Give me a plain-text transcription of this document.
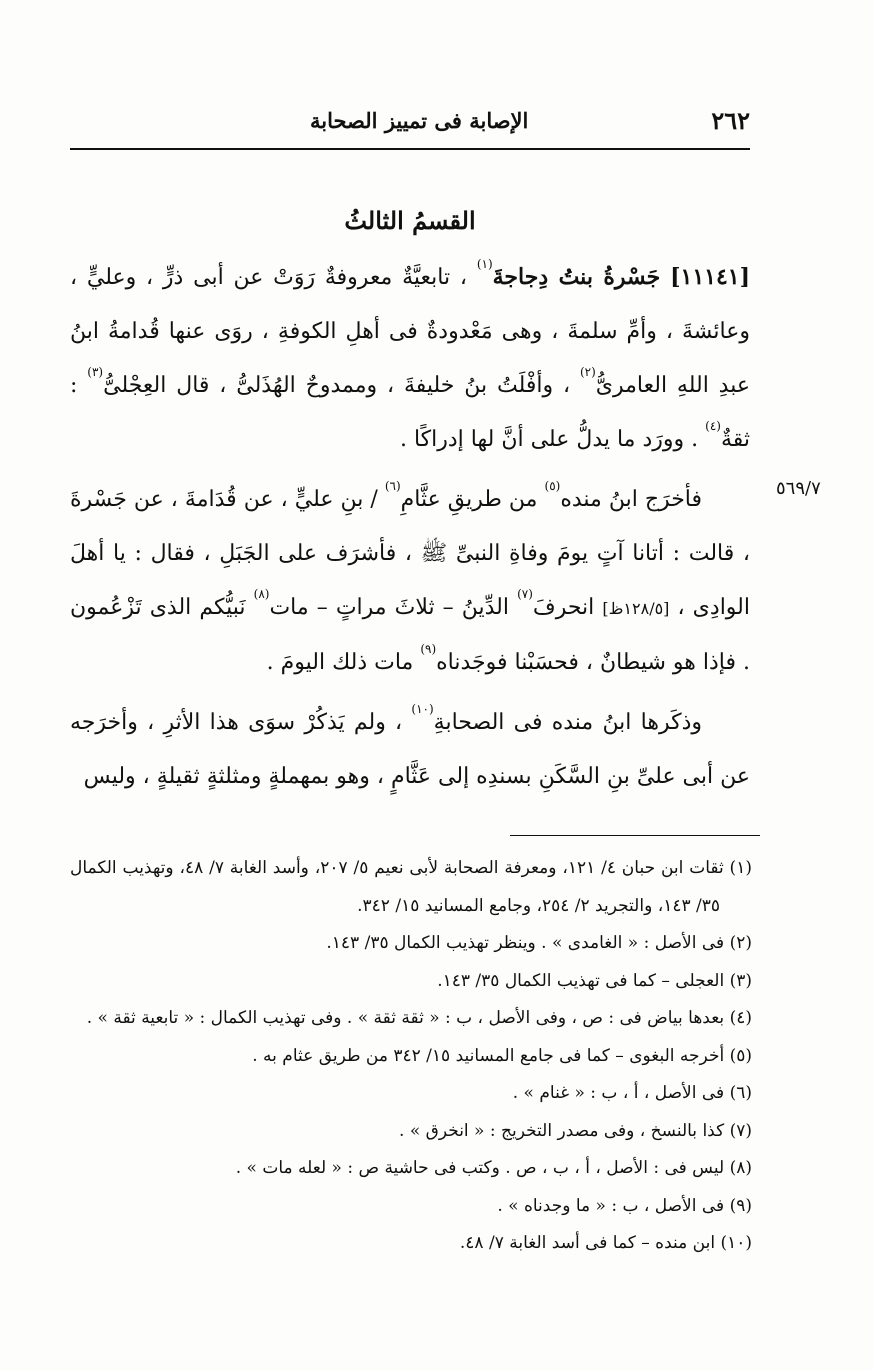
٢٦٢
الإصابة فى تمييز الصحابة
القسمُ الثالثُ
٥٦٩/٧

[١١١٤١] جَسْرةُ بنتُ دِجاجةَ$^{(١)}$ ، تابعيَّةٌ معروفةٌ رَوَتْ عن أبى ذرٍّ ، وعليٍّ ، وعائشةَ ، وأمِّ سلمةَ ، وهى مَعْدودةٌ فى أهلِ الكوفةِ ، روَى عنها قُدامةُ ابنُ عبدِ اللهِ العامرىُّ$^{(٢)}$ ، وأفْلَتُ بنُ خليفةَ ، وممدوحٌ الهُذَلىُّ ، قال العِجْلىُّ$^{(٣)}$ : ثقةٌ$^{(٤)}$ . وورَد ما يدلُّ على أنَّ لها إدراكًا .

فأخرَج ابنُ منده$^{(٥)}$ من طريقِ عثَّامِ$^{(٦)}$ / بنِ عليٍّ ، عن قُدَامةَ ، عن جَسْرةَ ، قالت : أتانا آتٍ يومَ وفاةِ النبىِّ ﷺ ، فأشرَف على الجَبَلِ ، فقال : يا أهلَ الوادِى ، [١٢٨/٥ظ] انحرفَ$^{(٧)}$ الدِّينُ – ثلاثَ مراتٍ – مات$^{(٨)}$ نَبيُّكم الذى تَزْعُمون . فإذا هو شيطانٌ ، فحسَبْنا فوجَدناه$^{(٩)}$ مات ذلك اليومَ .

وذكَرها ابنُ منده فى الصحابةِ$^{(١٠)}$ ، ولم يَذكُرْ سوَى هذا الأثرِ ، وأخرَجه عن أبى علىِّ بنِ السَّكَنِ بسندِه إلى عَثَّامٍ ، وهو بمهملةٍ ومثلثةٍ ثقيلةٍ ، وليس

(١) ثقات ابن حبان ٤/ ١٢١، ومعرفة الصحابة لأبى نعيم ٥/ ٢٠٧، وأسد الغابة ٧/ ٤٨، وتهذيب الكمال ٣٥/ ١٤٣، والتجريد ٢/ ٢٥٤، وجامع المسانيد ١٥/ ٣٤٢.
(٢) فى الأصل : « الغامدى » . وينظر تهذيب الكمال ٣٥/ ١٤٣.
(٣) العجلى – كما فى تهذيب الكمال ٣٥/ ١٤٣.
(٤) بعدها بياض فى : ص ، وفى الأصل ، ب : « ثقة ثقة » . وفى تهذيب الكمال : « تابعية ثقة » .
(٥) أخرجه البغوى – كما فى جامع المسانيد ١٥/ ٣٤٢ من طريق عثام به .
(٦) فى الأصل ، أ ، ب : « غنام » .
(٧) كذا بالنسخ ، وفى مصدر التخريج : « انخرق » .
(٨) ليس فى : الأصل ، أ ، ب ، ص . وكتب فى حاشية ص : « لعله مات » .
(٩) فى الأصل ، ب : « ما وجدناه » .
(١٠) ابن منده – كما فى أسد الغابة ٧/ ٤٨.
